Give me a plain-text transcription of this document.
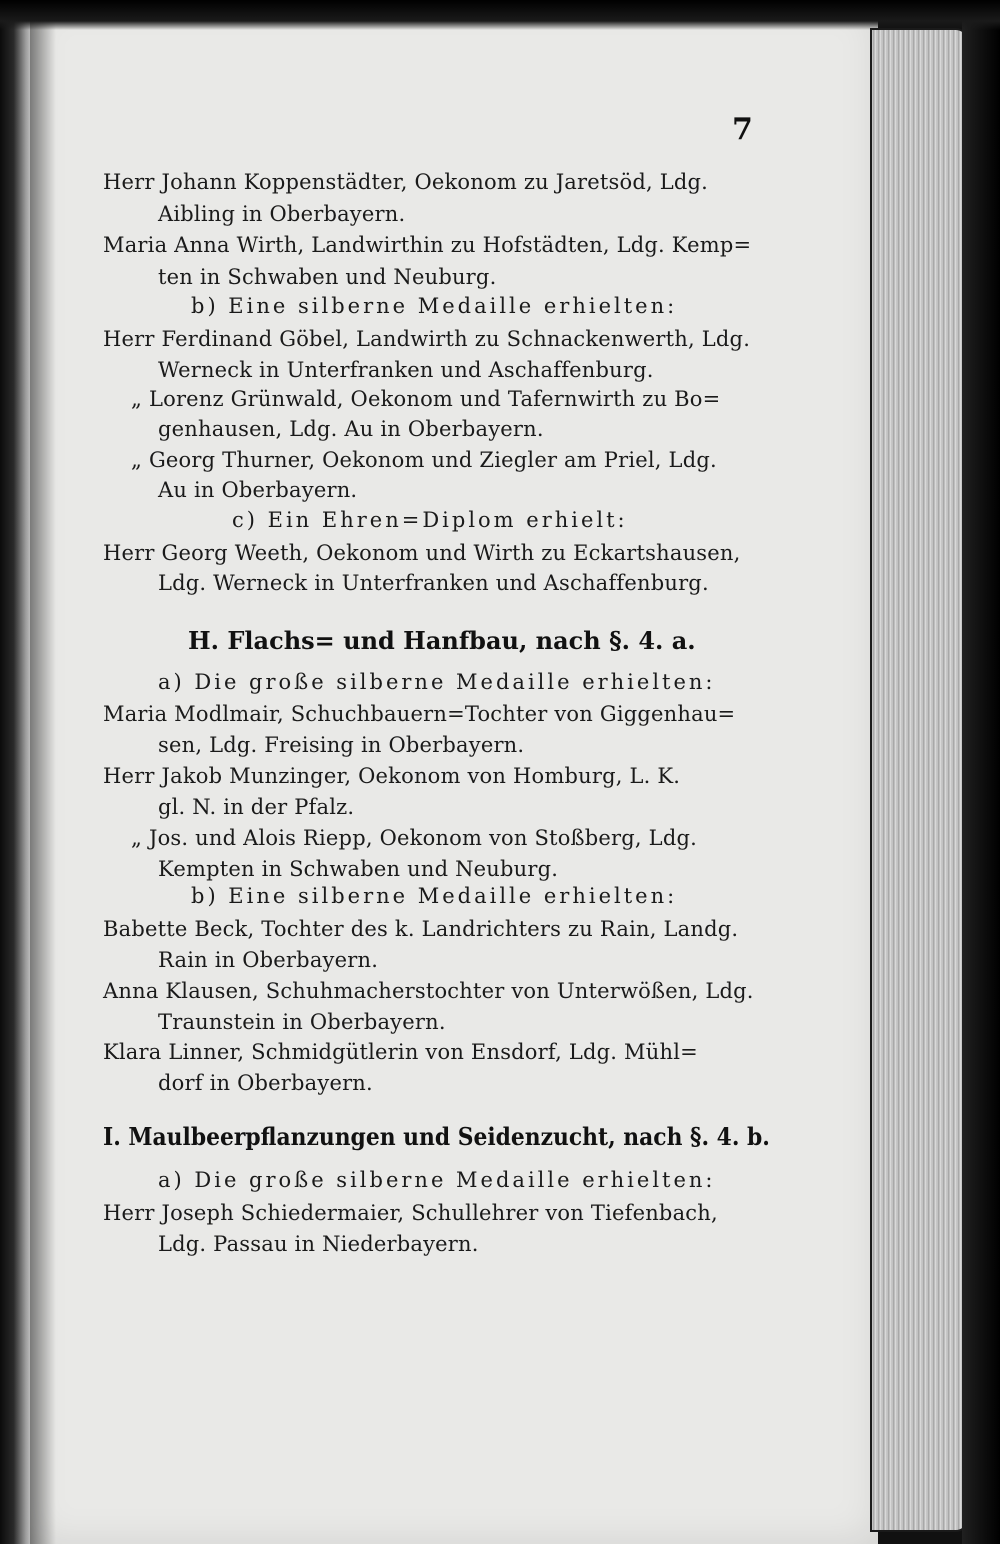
7
Herr Johann Koppenstädter, Oekonom zu Jaretsöd, Ldg.
Aibling in Oberbayern.
Maria Anna Wirth, Landwirthin zu Hofstädten, Ldg. Kemp=
ten in Schwaben und Neuburg.
b) Eine silberne Medaille erhielten:
Herr Ferdinand Göbel, Landwirth zu Schnackenwerth, Ldg.
Werneck in Unterfranken und Aschaffenburg.
„ Lorenz Grünwald, Oekonom und Tafernwirth zu Bo=
genhausen, Ldg. Au in Oberbayern.
„ Georg Thurner, Oekonom und Ziegler am Priel, Ldg.
Au in Oberbayern.
c) Ein Ehren=Diplom erhielt:
Herr Georg Weeth, Oekonom und Wirth zu Eckartshausen,
Ldg. Werneck in Unterfranken und Aschaffenburg.
H. Flachs= und Hanfbau, nach §. 4. a.
a) Die große silberne Medaille erhielten:
Maria Modlmair, Schuchbauern=Tochter von Giggenhau=
sen, Ldg. Freising in Oberbayern.
Herr Jakob Munzinger, Oekonom von Homburg, L. K.
gl. N. in der Pfalz.
„ Jos. und Alois Riepp, Oekonom von Stoßberg, Ldg.
Kempten in Schwaben und Neuburg.
b) Eine silberne Medaille erhielten:
Babette Beck, Tochter des k. Landrichters zu Rain, Landg.
Rain in Oberbayern.
Anna Klausen, Schuhmacherstochter von Unterwößen, Ldg.
Traunstein in Oberbayern.
Klara Linner, Schmidgütlerin von Ensdorf, Ldg. Mühl=
dorf in Oberbayern.
I. Maulbeerpflanzungen und Seidenzucht, nach §. 4. b.
a) Die große silberne Medaille erhielten:
Herr Joseph Schiedermaier, Schullehrer von Tiefenbach,
Ldg. Passau in Niederbayern.
